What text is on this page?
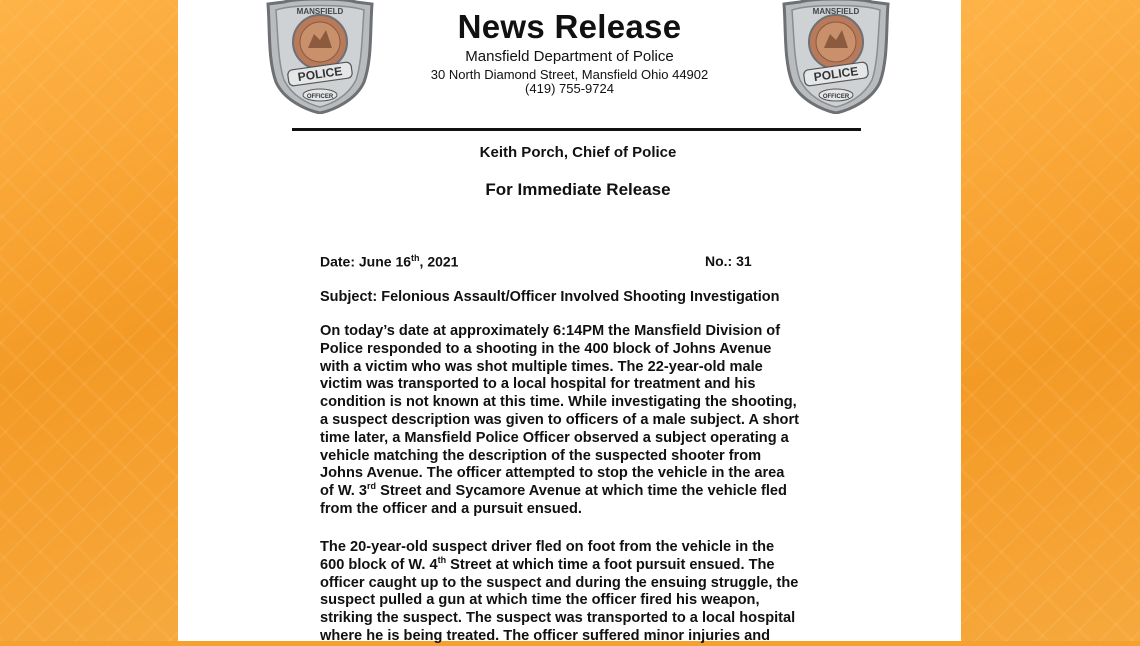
POLICE
MANSFIELD
OFFICER
POLICE
MANSFIELD
OFFICER
News Release
Mansfield Department of Police
30 North Diamond Street, Mansfield Ohio 44902
(419) 755-9724
Keith Porch, Chief of Police
For Immediate Release
Date: June 16th, 2021	No.: 31
Subject: Felonious Assault/Officer Involved Shooting Investigation
On today’s date at approximately 6:14PM the Mansfield Division of
Police responded to a shooting in the 400 block of Johns Avenue
with a victim who was shot multiple times. The 22-year-old male
victim was transported to a local hospital for treatment and his
condition is not known at this time. While investigating the shooting,
a suspect description was given to officers of a male subject. A short
time later, a Mansfield Police Officer observed a subject operating a
vehicle matching the description of the suspected shooter from
Johns Avenue. The officer attempted to stop the vehicle in the area
of W. 3rd Street and Sycamore Avenue at which time the vehicle fled
from the officer and a pursuit ensued.
The 20-year-old suspect driver fled on foot from the vehicle in the
600 block of W. 4th Street at which time a foot pursuit ensued. The
officer caught up to the suspect and during the ensuing struggle, the
suspect pulled a gun at which time the officer fired his weapon,
striking the suspect. The suspect was transported to a local hospital
where he is being treated. The officer suffered minor injuries and
